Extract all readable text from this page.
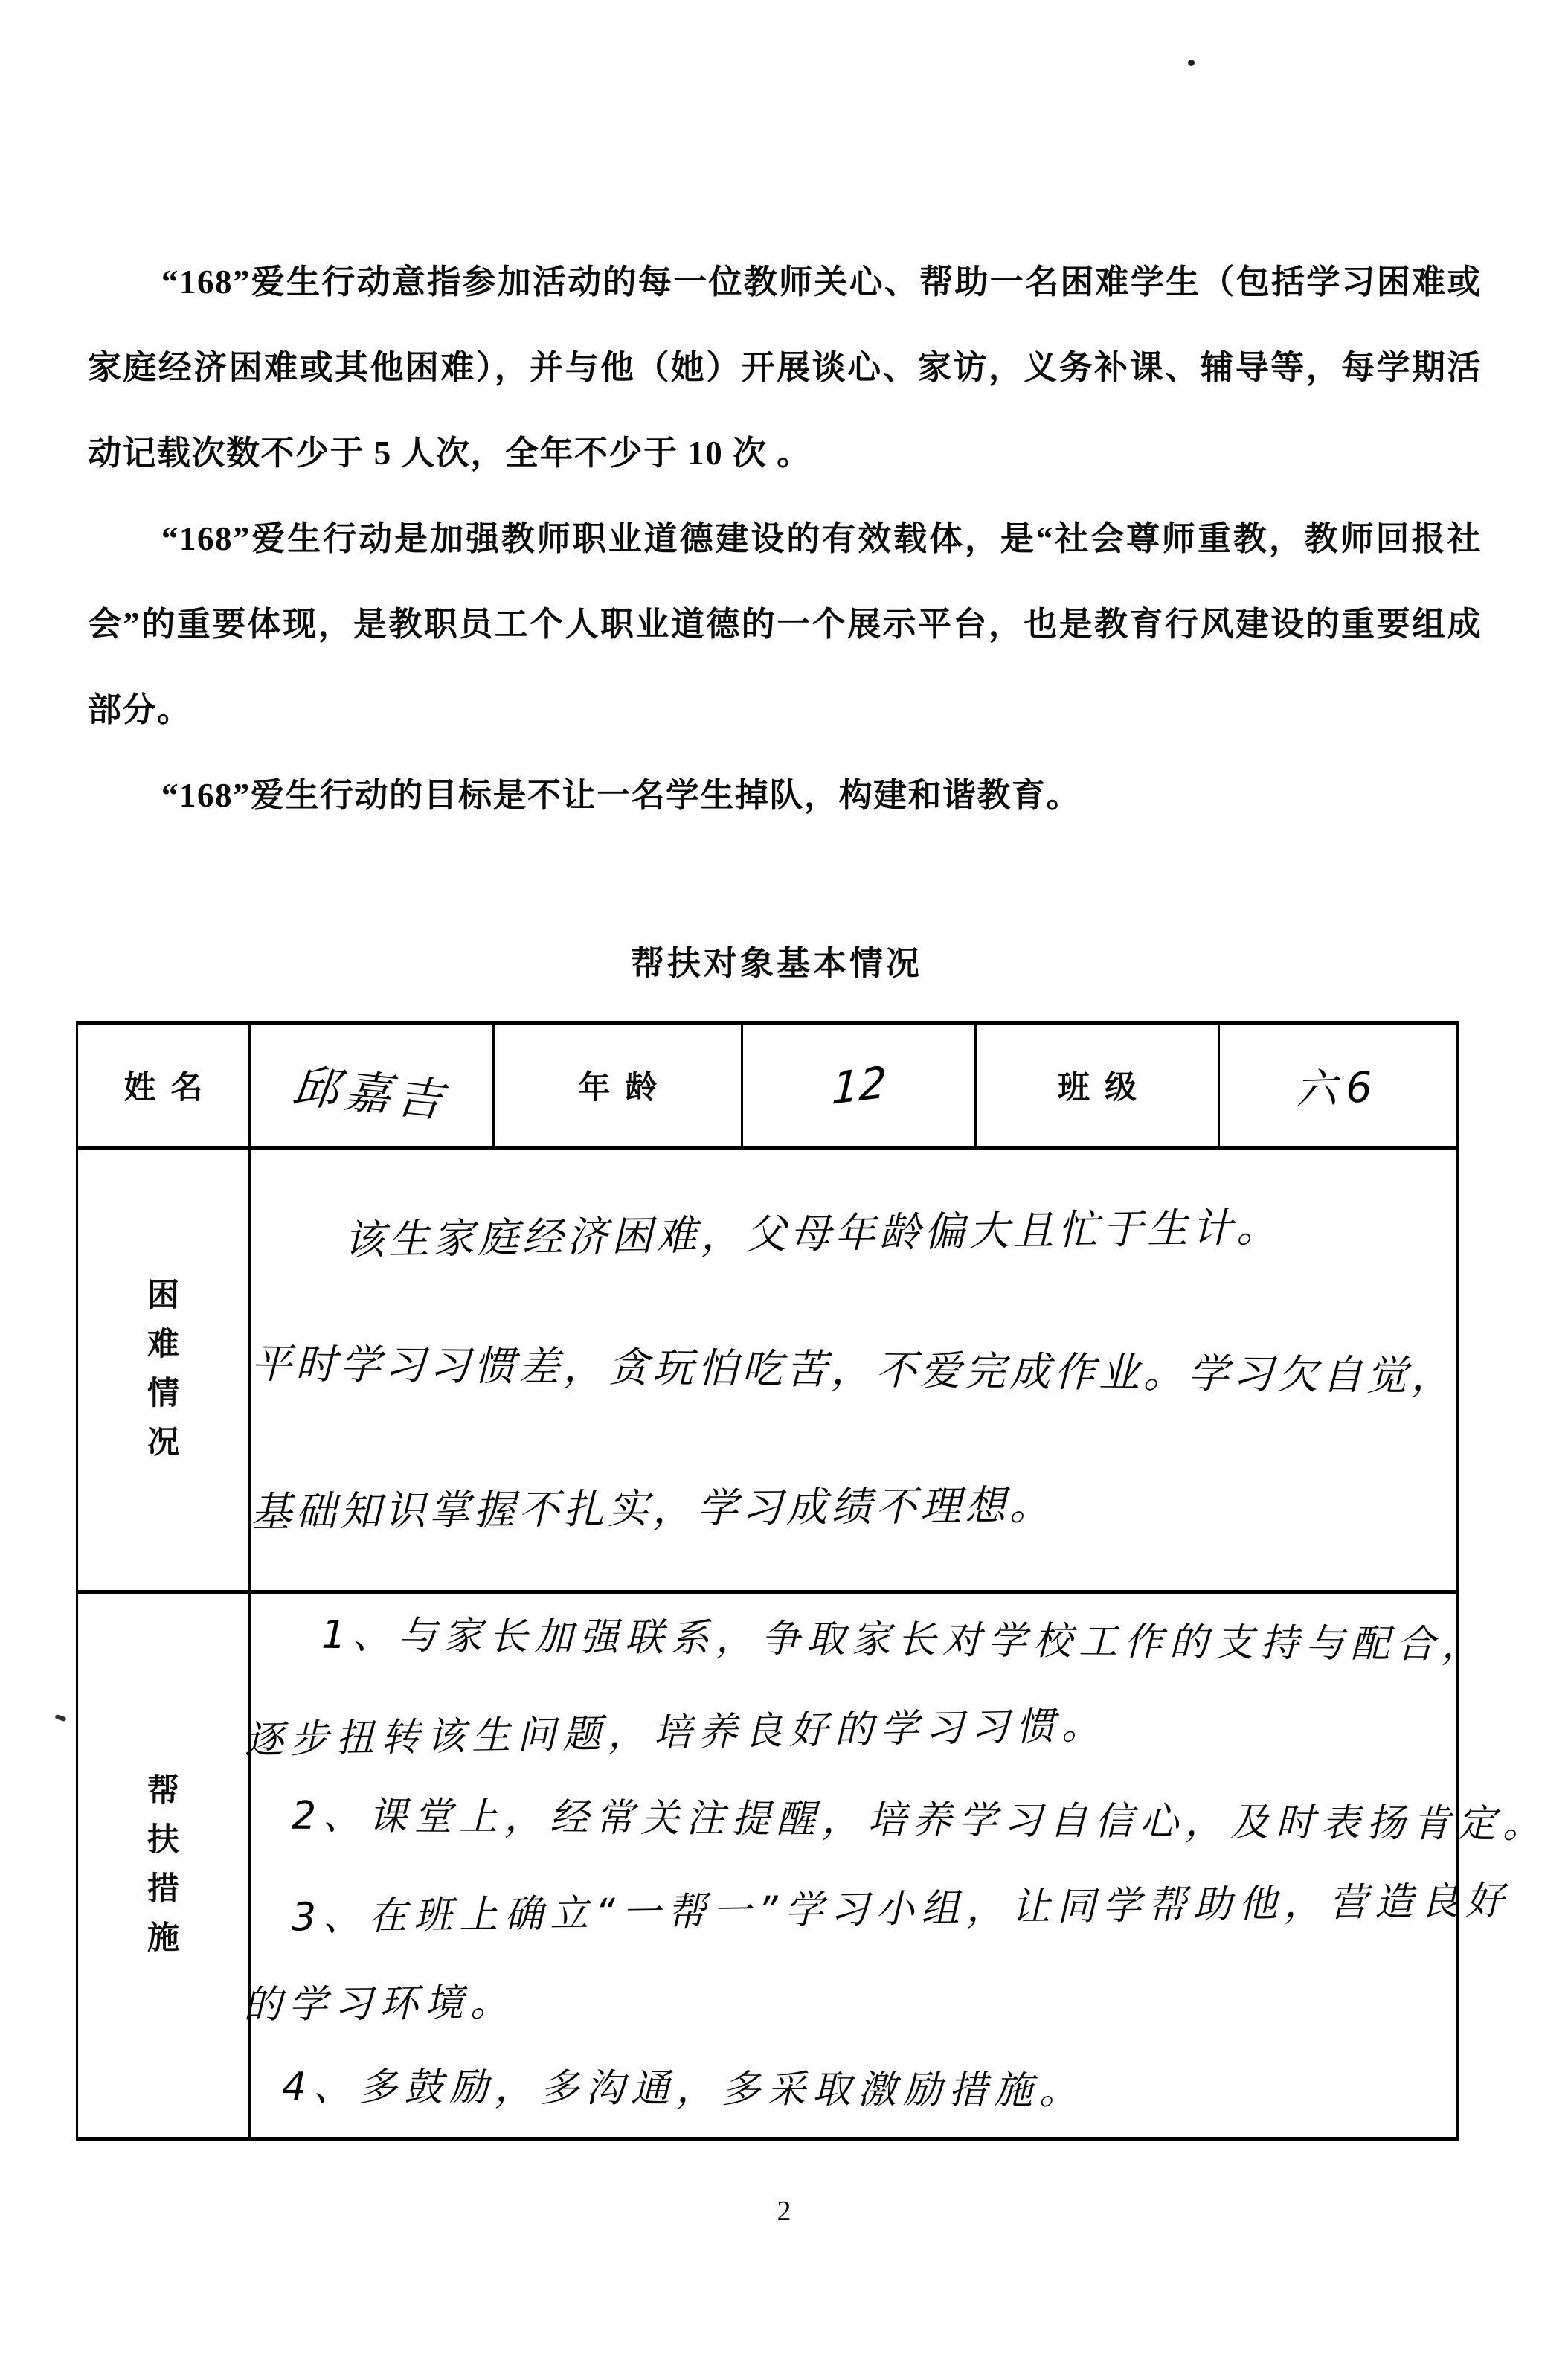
“168”爱生行动意指参加活动的每一位教师关心、帮助一名困难学生（包括学习困难或家庭经济困难或其他困难），并与他（她）开展谈心、家访，义务补课、辅导等，每学期活动记载次数不少于 5 人次，全年不少于 10 次 。

“168”爱生行动是加强教师职业道德建设的有效载体，是“社会尊师重教，教师回报社会”的重要体现，是教职员工个人职业道德的一个展示平台，也是教育行风建设的重要组成部分。

“168”爱生行动的目标是不让一名学生掉队，构建和谐教育。

帮扶对象基本情况
姓名	邱嘉吉	年龄	12	班级	六6

困难情况	该生家庭经济困难，父母年龄偏大且忙于生计。
平时学习习惯差，贪玩怕吃苦，不爱完成作业。学习欠自觉，
基础知识掌握不扎实，学习成绩不理想。				

帮扶措施

1、与家长加强联系，争取家长对学校工作的支持与配合，
逐步扭转该生问题，培养良好的学习习惯。
2、课堂上，经常关注提醒，培养学习自信心，及时表扬肯定。
3、在班上确立“一帮一”学习小组，让同学帮助他，营造良好
的学习环境。
4、多鼓励，多沟通，多采取激励措施。
2
